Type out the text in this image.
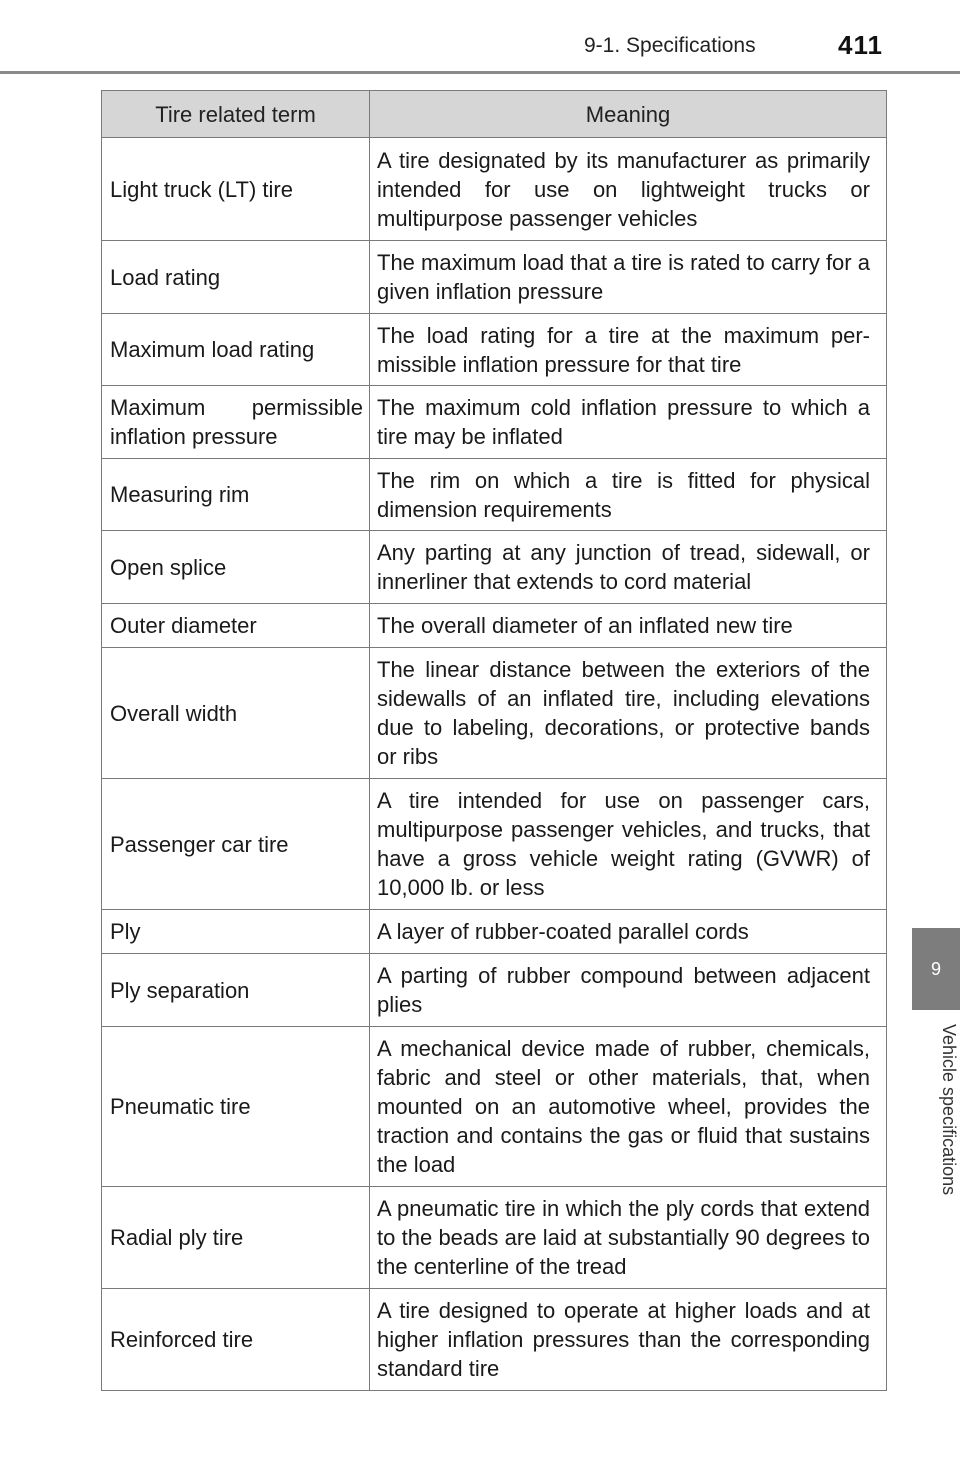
9-1. Specifications	411
Tire related term	Meaning
Light truck (LT) tire	A tire designated by its manufacturer as primarily intended for use on lightweight trucks or multipurpose passenger vehicles
Load rating	The maximum load that a tire is rated to carry for a given inflation pressure
Maximum load rating	The load rating for a tire at the maximum permissible inflation pressure for that tire
Maximum permissible inflation pressure	The maximum cold inflation pressure to which a tire may be inflated
Measuring rim	The rim on which a tire is fitted for physical dimension requirements
Open splice	Any parting at any junction of tread, sidewall, or innerliner that extends to cord material
Outer diameter	The overall diameter of an inflated new tire
Overall width	The linear distance between the exteriors of the sidewalls of an inflated tire, including elevations due to labeling, decorations, or protective bands or ribs
Passenger car tire	A tire intended for use on passenger cars, multipurpose passenger vehicles, and trucks, that have a gross vehicle weight rating (GVWR) of 10,000 lb. or less
Ply	A layer of rubber-coated parallel cords
Ply separation	A parting of rubber compound between adjacent plies
Pneumatic tire	A mechanical device made of rubber, chemicals, fabric and steel or other materials, that, when mounted on an automotive wheel, provides the traction and contains the gas or fluid that sustains the load
Radial ply tire	A pneumatic tire in which the ply cords that extend to the beads are laid at substantially 90 degrees to the centerline of the tread
Reinforced tire	A tire designed to operate at higher loads and at higher inflation pressures than the corresponding standard tire
9
Vehicle specifications
